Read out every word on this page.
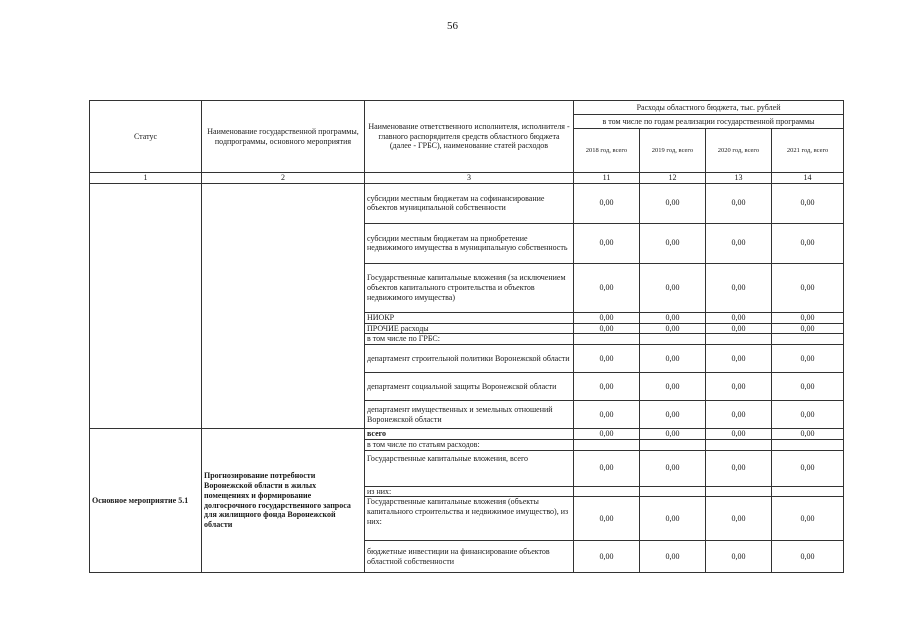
56
Статус	Наименование государственной программы, подпрограммы, основного мероприятия	Наименование ответственного исполнителя, исполнителя - главного распорядителя средств областного бюджета (далее - ГРБС), наименование статей расходов	Расходы областного бюджета, тыс. рублей			
			в том числе по годам реализации государственной программы			
			2018 год, всего	2019 год, всего	2020 год, всего	2021 год, всего
1	2	3	11	12	13	14
		субсидии местным бюджетам на софинансирование объектов муниципальной собственности	0,00	0,00	0,00	0,00
		субсидии местным бюджетам на приобретение недвижимого имущества в муниципальную собственность	0,00	0,00	0,00	0,00
		Государственные капитальные вложения (за исключением объектов капитального строительства и объектов недвижимого имущества)	0,00	0,00	0,00	0,00
		НИОКР	0,00	0,00	0,00	0,00
		ПРОЧИЕ расходы	0,00	0,00	0,00	0,00
		в том числе по ГРБС:				
		департамент строительной политики Воронежской области	0,00	0,00	0,00	0,00
		департамент социальной защиты Воронежской области	0,00	0,00	0,00	0,00
		департамент имущественных и земельных отношений Воронежской области	0,00	0,00	0,00	0,00
Основное мероприятие 5.1	Прогнозирование потребности Воронежской области в жилых помещениях и формирование долгосрочного государственного запроса для жилищного фонда Воронежской области	всего	0,00	0,00	0,00	0,00
		в том числе по статьям расходов:				
		Государственные капитальные вложения, всего	0,00	0,00	0,00	0,00
		из них:				
		Государственные капитальные вложения (объекты капитального строительства и недвижимое имущество), из них:	0,00	0,00	0,00	0,00
		бюджетные инвестиции на финансирование объектов областной собственности	0,00	0,00	0,00	0,00
